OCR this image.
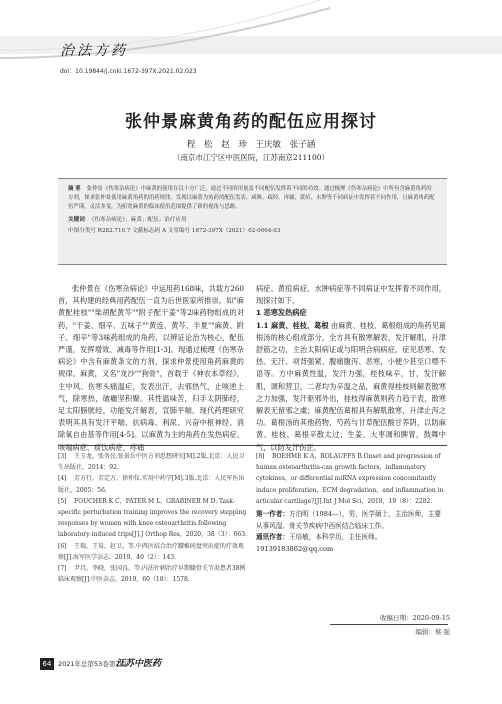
治法方药
doi：10.19844/j.cnki.1672-397X.2021.02.023
张仲景麻黄角药的配伍应用探讨
程 松 赵 珍 王庆敏 张子涵
（南京市江宁区中医医院，江苏南京211100）
摘 要 张仲景《伤寒杂病论》中麻黄的使用在以十分广泛，通过不同的用量及不同配伍发挥着不同的功效。通过梳理《伤寒杂病论》中所有含麻黄角药的方剂，探求张仲景使用麻黄角药的用药规律。发现以麻黄为角药的配伍发表、咸咳、疏经、再辅、黄疸、水肿等不同病证中发挥着不同作用，且麻黄角药配伍严谨，灵活多变，为拓宽麻黄的临床使用范围提供了新的视角与思路。
关键词 《伤寒杂病论》；麻黄；配伍；治疗应用
中图分类号 R282.710.7 文献标志码 A 文章编号 1672-397X（2021）02-0064-03
张仲景在《伤寒杂病论》中运用药168味，共载方260首，其构建的经典用药配伍一直为后世医家所推崇。如"麻黄配桂枝""柴胡配黄芩""附子配干姜"等2味药物组成的对药，"干姜、细辛、五味子""黄连、黄芩、半夏""麻黄、附子、细辛"等3味药组成的角药，以辨证论治为核心，配伍严谨，发挥增效、减毒等作用[1-3]。现通过梳理《伤寒杂病论》中含有麻黄条文的方剂，探求仲景使用角药麻黄的规律。麻黄，又名"龙沙""狗骨"，首载于《神农本草经》，主中风、伤寒头痛温疟，发表出汗，去邪热气，止咳逆上气，除寒热，破癥坚积聚。其性温味苦，归手太阴肺经，足太阳膀胱经，功能发汗解表，宣肺平喘。现代药理研究表明其具有发汗平喘、抗病毒、利尿、兴奋中枢神经、消除氧自由基等作用[4-5]。以麻黄为主的角药在发热病症、咳喘病症、痰饮病症、疼痛
病症、黄疸病症、水肿病症等不同病证中发挥着不同作用，现探讨如下。
1 恶寒发热病症
1.1 麻黄、桂枝、葛根 由麻黄、桂枝、葛根组成的角药见葛根汤的核心组成部分，全方具有散寒解表、发汗解肌，升津舒筋之功，主治太阳病证或与阳明合病病症，症见恶寒、发热、无汗、项背强紧、腹痛腹泻、恶寒，小便少甚至口噤不语等。方中麻黄性温，发汗力强，桂枝味辛，甘，发汗解肌，调和营卫，二者均为辛温之品，麻黄得桂枝则解表散寒之力加强，发汗驱邪外出，桂枝得麻黄则药力趋于表，散寒解表无留邪之虞；麻黄配伍葛根具有解肌散寒，升津止泻之功。葛根汤的其他药物，芍药与甘草配伍酸甘养阴，以防麻黄、桂枝、葛根辛散太过；生姜、大枣调和脾胃，鼓舞中气，以防发汗伤正。
[3] 王玉龙，张务民.张景岳中医方剂思想研究[M].2版.北京：人民卫生出版社，2014：92.
[4] 芳方行，芳定方，徐仲仪.实用中药学[M].3版.北京：人民军医出版社，2005：56.
[5] FOUCHER K C，PATER M L，GRABINER M D. Task-specific perturbation training improves the recovery stepping responses by women with knee osteoarthritis following laboratory-induced trips[J].J Orthop Res，2020，38（3）：663.
[6] 王瑞，王易，赵卫，等.中西医结合治疗腰椎间盘突出症的疗效观察[J].海军医学杂志，2019，40（2）：143.
[7] 尹昌，李晓，张国良，等.内法针刺治疗早期膝骨关节炎患者38例临床观察[J].中医杂志，2019，60（18）：1578.
[8] BOEHME K A，ROLAUFFS B.Onset and progression of human osteoarthritis-can growth factors，inflammatory cytokines，or differential miRNA expression concomitantly induce proliferation，ECM degradation，and inflammation in articular cartilage?[J].Int J Mol Sci，2018，19（8）：2282.
第一作者：方泊明（1984—），男，医学硕士，主治医师，主要从事风湿、骨关节疾病中西医结合临床工作。
通讯作者：王培敏，本科学历，主任医师。19139183862@qq.com
收稿日期：2020-09-15
编辑：蔡 强
64	2021年总第53卷第2期
江苏中医药
